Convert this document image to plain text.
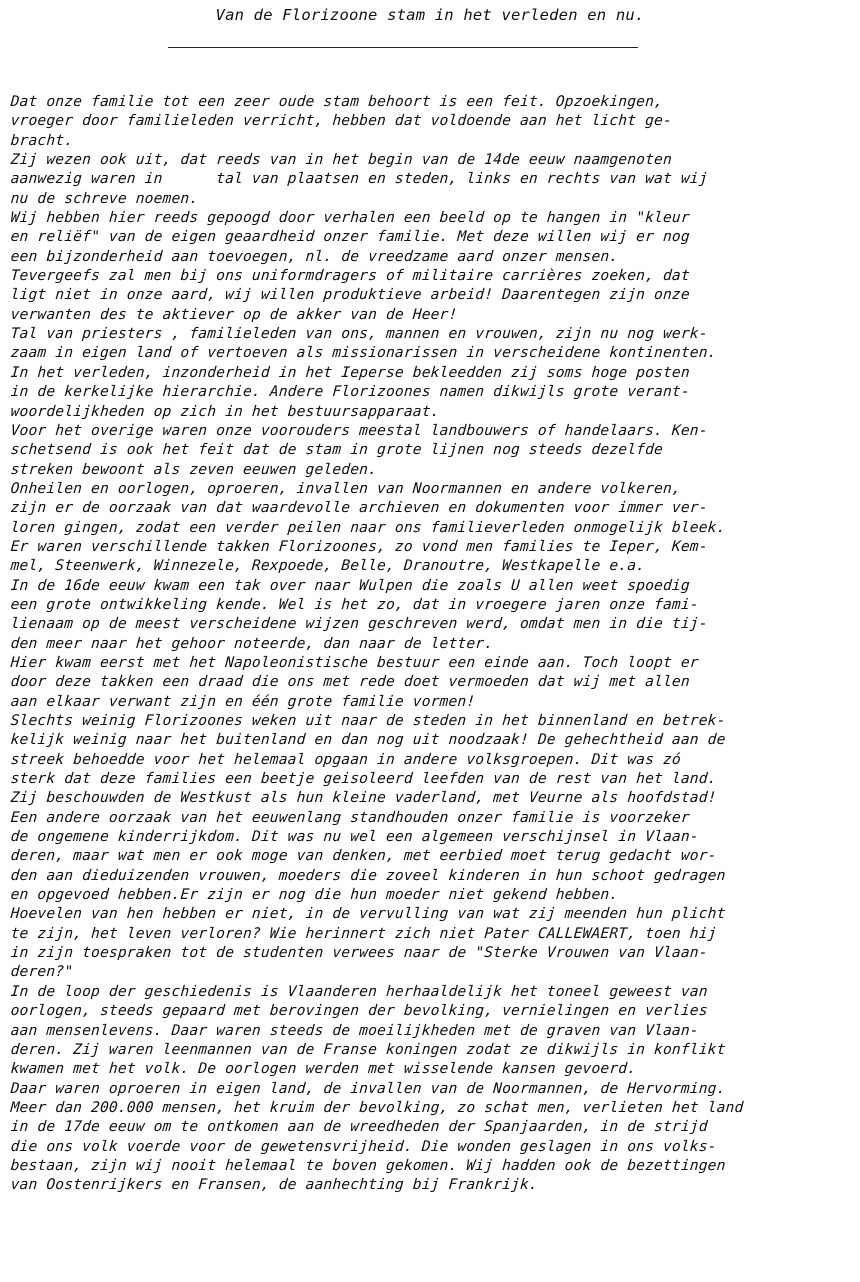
Van de Florizoone stam in het verleden en nu.
Dat onze familie tot een zeer oude stam behoort is een feit. Opzoekingen,
vroeger door familieleden verricht, hebben dat voldoende aan het licht ge-
bracht.
Zij wezen ook uit, dat reeds van in het begin van de 14de eeuw naamgenoten
aanwezig waren in      tal van plaatsen en steden, links en rechts van wat wij
nu de schreve noemen.
Wij hebben hier reeds gepoogd door verhalen een beeld op te hangen in "kleur
en reliëf" van de eigen geaardheid onzer familie. Met deze willen wij er nog
een bijzonderheid aan toevoegen, nl. de vreedzame aard onzer mensen.
Tevergeefs zal men bij ons uniformdragers of militaire carrières zoeken, dat
ligt niet in onze aard, wij willen produktieve arbeid! Daarentegen zijn onze
verwanten des te aktiever op de akker van de Heer!
Tal van priesters , familieleden van ons, mannen en vrouwen, zijn nu nog werk-
zaam in eigen land of vertoeven als missionarissen in verscheidene kontinenten.
In het verleden, inzonderheid in het Ieperse bekleedden zij soms hoge posten
in de kerkelijke hierarchie. Andere Florizoones namen dikwijls grote verant-
woordelijkheden op zich in het bestuursapparaat.
Voor het overige waren onze voorouders meestal landbouwers of handelaars. Ken-
schetsend is ook het feit dat de stam in grote lijnen nog steeds dezelfde
streken bewoont als zeven eeuwen geleden.
Onheilen en oorlogen, oproeren, invallen van Noormannen en andere volkeren,
zijn er de oorzaak van dat waardevolle archieven en dokumenten voor immer ver-
loren gingen, zodat een verder peilen naar ons familieverleden onmogelijk bleek.
Er waren verschillende takken Florizoones, zo vond men families te Ieper, Kem-
mel, Steenwerk, Winnezele, Rexpoede, Belle, Dranoutre, Westkapelle e.a.
In de 16de eeuw kwam een tak over naar Wulpen die zoals U allen weet spoedig
een grote ontwikkeling kende. Wel is het zo, dat in vroegere jaren onze fami-
lienaam op de meest verscheidene wijzen geschreven werd, omdat men in die tij-
den meer naar het gehoor noteerde, dan naar de letter.
Hier kwam eerst met het Napoleonistische bestuur een einde aan. Toch loopt er
door deze takken een draad die ons met rede doet vermoeden dat wij met allen
aan elkaar verwant zijn en één grote familie vormen!
Slechts weinig Florizoones weken uit naar de steden in het binnenland en betrek-
kelijk weinig naar het buitenland en dan nog uit noodzaak! De gehechtheid aan de
streek behoedde voor het helemaal opgaan in andere volksgroepen. Dit was zó
sterk dat deze families een beetje geisoleerd leefden van de rest van het land.
Zij beschouwden de Westkust als hun kleine vaderland, met Veurne als hoofdstad!
Een andere oorzaak van het eeuwenlang standhouden onzer familie is voorzeker
de ongemene kinderrijkdom. Dit was nu wel een algemeen verschijnsel in Vlaan-
deren, maar wat men er ook moge van denken, met eerbied moet terug gedacht wor-
den aan dieduizenden vrouwen, moeders die zoveel kinderen in hun schoot gedragen
en opgevoed hebben.Er zijn er nog die hun moeder niet gekend hebben.
Hoevelen van hen hebben er niet, in de vervulling van wat zij meenden hun plicht
te zijn, het leven verloren? Wie herinnert zich niet Pater CALLEWAERT, toen hij
in zijn toespraken tot de studenten verwees naar de "Sterke Vrouwen van Vlaan-
deren?"
In de loop der geschiedenis is Vlaanderen herhaaldelijk het toneel geweest van
oorlogen, steeds gepaard met berovingen der bevolking, vernielingen en verlies
aan mensenlevens. Daar waren steeds de moeilijkheden met de graven van Vlaan-
deren. Zij waren leenmannen van de Franse koningen zodat ze dikwijls in konflikt
kwamen met het volk. De oorlogen werden met wisselende kansen gevoerd.
Daar waren oproeren in eigen land, de invallen van de Noormannen, de Hervorming.
Meer dan 200.000 mensen, het kruim der bevolking, zo schat men, verlieten het land
in de 17de eeuw om te ontkomen aan de wreedheden der Spanjaarden, in de strijd
die ons volk voerde voor de gewetensvrijheid. Die wonden geslagen in ons volks-
bestaan, zijn wij nooit helemaal te boven gekomen. Wij hadden ook de bezettingen
van Oostenrijkers en Fransen, de aanhechting bij Frankrijk.
